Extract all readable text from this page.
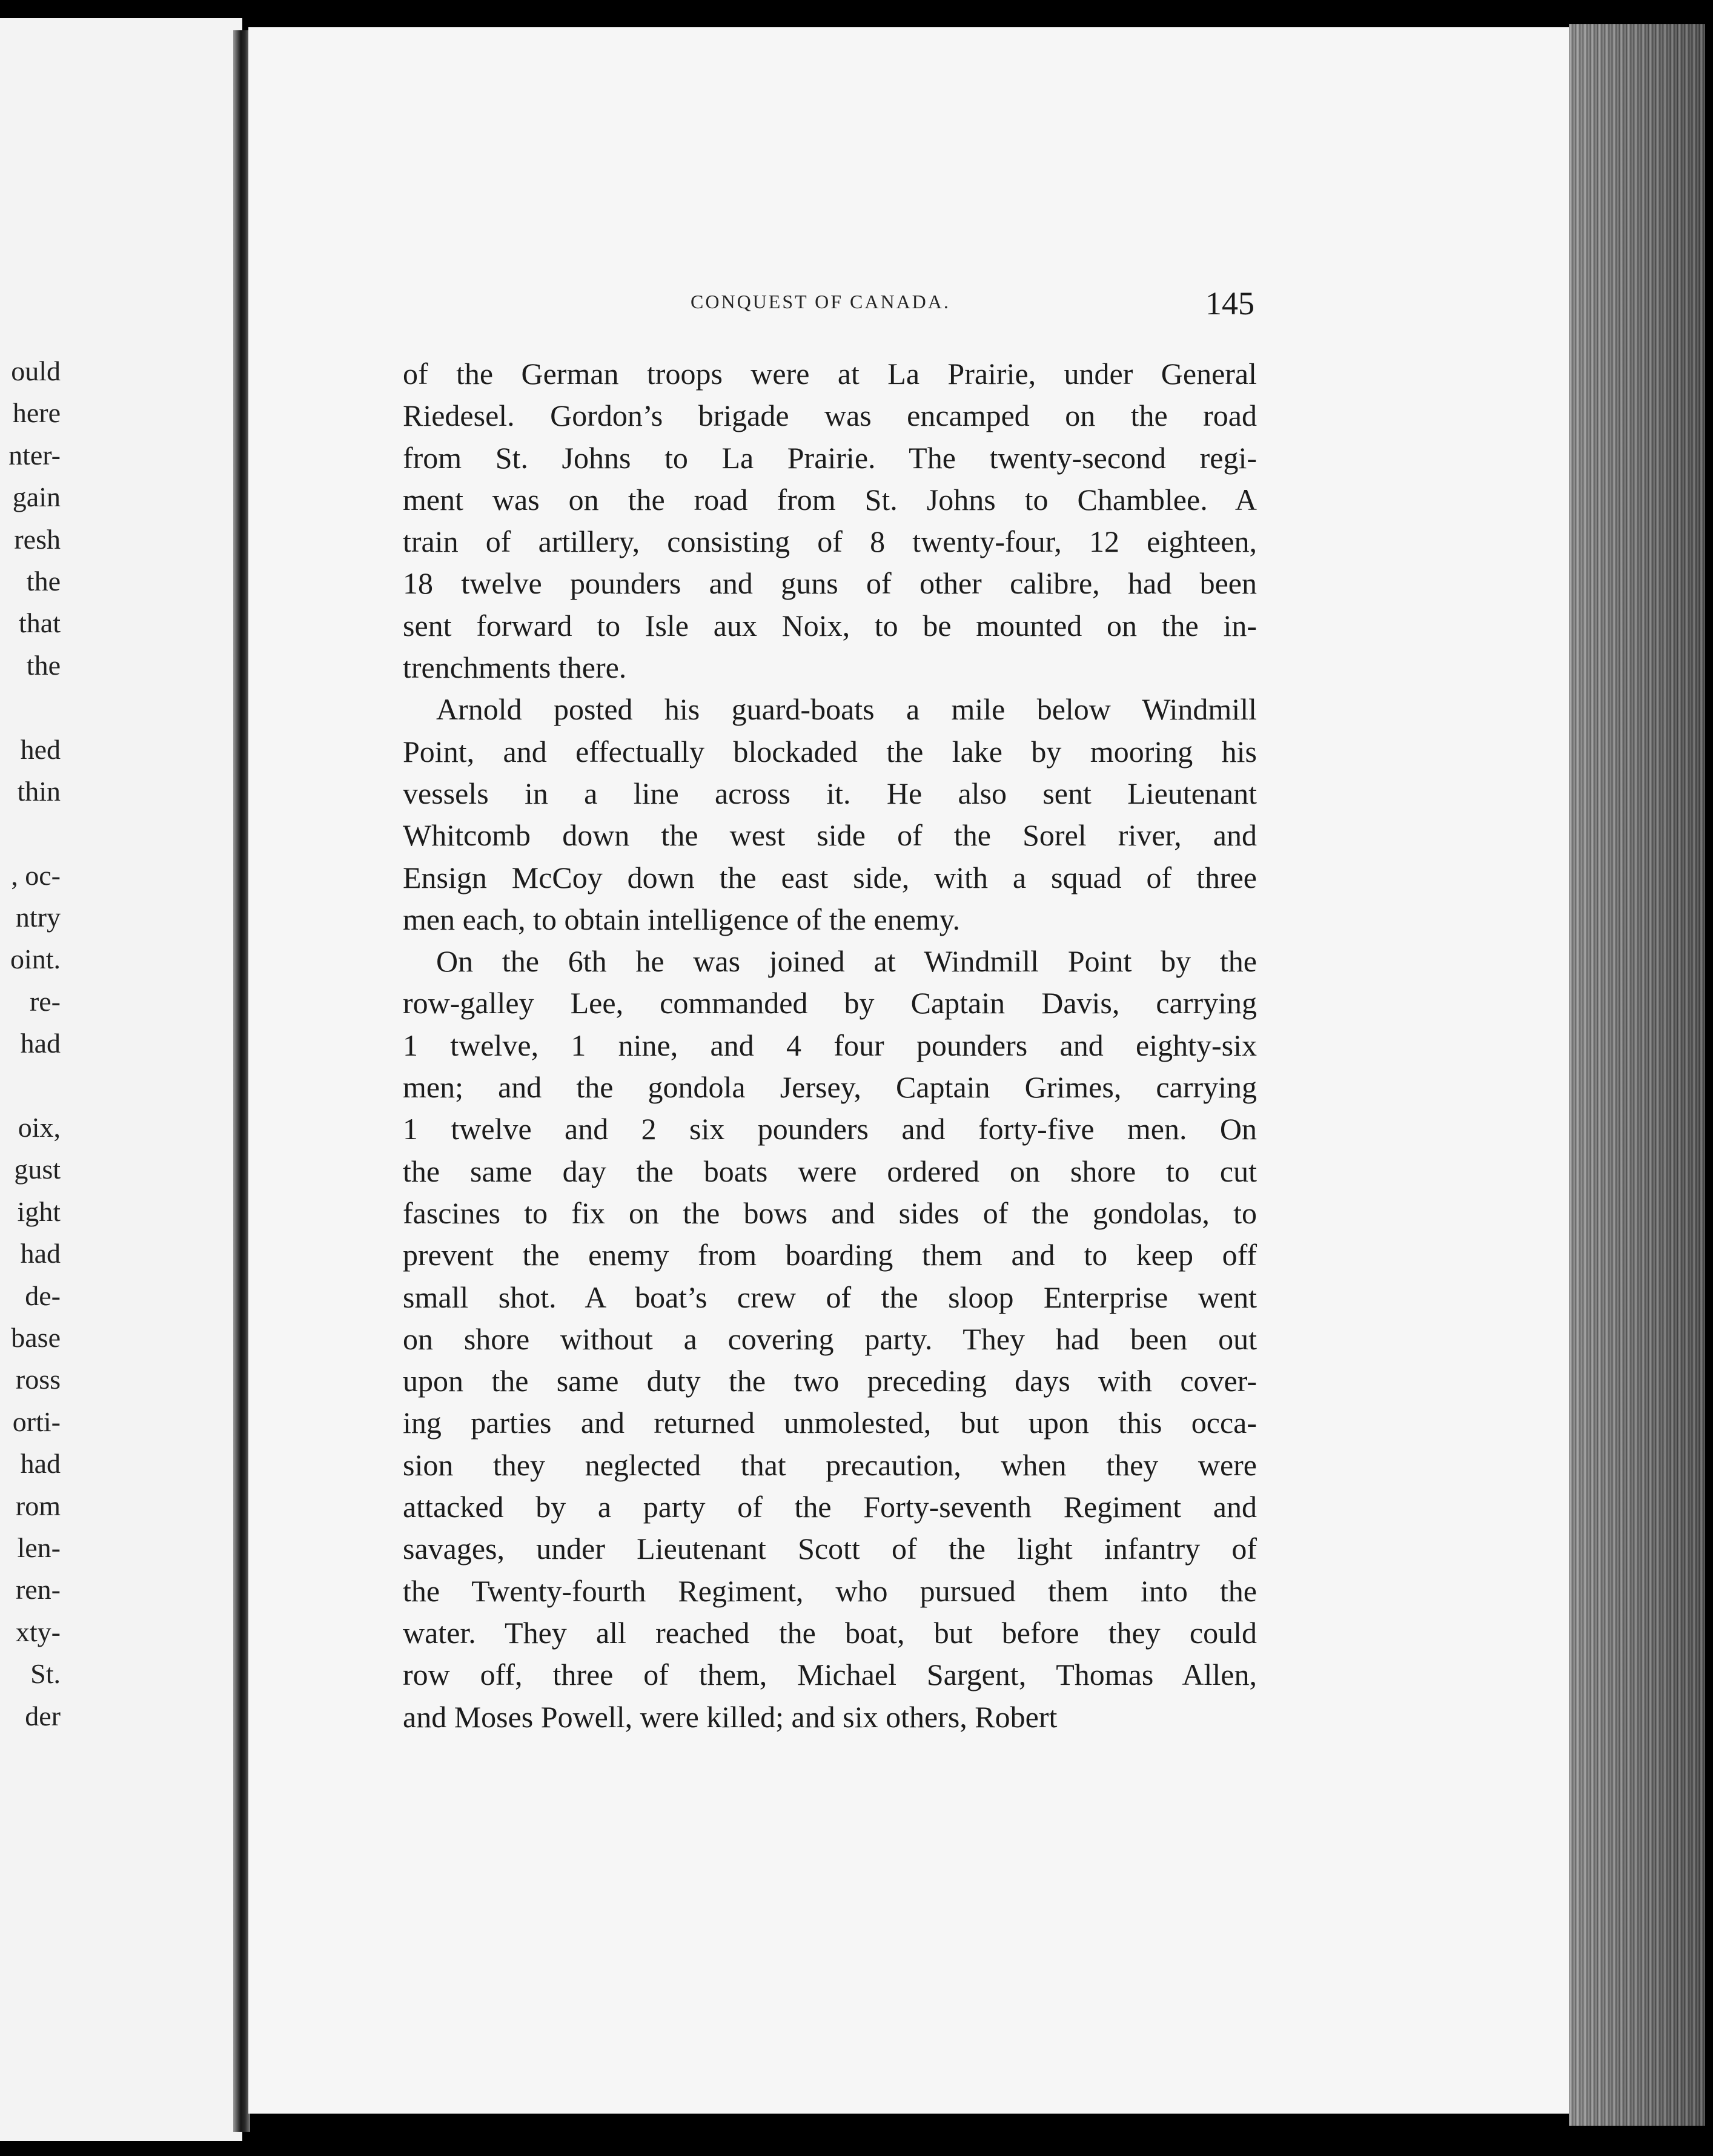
ould
here
nter-
gain
resh
the
that
the
hed
thin
, oc-
ntry
oint.
re-
had
oix,
gust
ight
had
de-
base
ross
orti-
had
rom
len-
ren-
xty-
St.
der
CONQUEST OF CANADA.	145
of the German troops were at La Prairie, under General
Riedesel. Gordon’s brigade was encamped on the road
from St. Johns to La Prairie. The twenty-second regi-
ment was on the road from St. Johns to Chamblee. A
train of artillery, consisting of 8 twenty-four, 12 eighteen,
18 twelve pounders and guns of other calibre, had been
sent forward to Isle aux Noix, to be mounted on the in-
trenchments there.
Arnold posted his guard-boats a mile below Windmill
Point, and effectually blockaded the lake by mooring his
vessels in a line across it. He also sent Lieutenant
Whitcomb down the west side of the Sorel river, and
Ensign McCoy down the east side, with a squad of three
men each, to obtain intelligence of the enemy.
On the 6th he was joined at Windmill Point by the
row-galley Lee, commanded by Captain Davis, carrying
1 twelve, 1 nine, and 4 four pounders and eighty-six
men; and the gondola Jersey, Captain Grimes, carrying
1 twelve and 2 six pounders and forty-five men. On
the same day the boats were ordered on shore to cut
fascines to fix on the bows and sides of the gondolas, to
prevent the enemy from boarding them and to keep off
small shot. A boat’s crew of the sloop Enterprise went
on shore without a covering party. They had been out
upon the same duty the two preceding days with cover-
ing parties and returned unmolested, but upon this occa-
sion they neglected that precaution, when they were
attacked by a party of the Forty-seventh Regiment and
savages, under Lieutenant Scott of the light infantry of
the Twenty-fourth Regiment, who pursued them into the
water. They all reached the boat, but before they could
row off, three of them, Michael Sargent, Thomas Allen,
and Moses Powell, were killed; and six others, Robert
